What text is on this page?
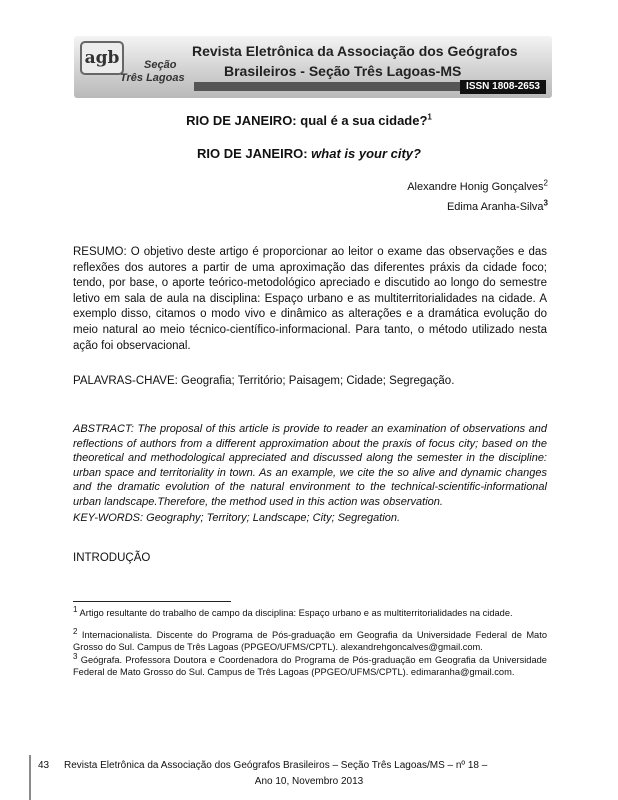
agb	Seção
Três Lagoas
Revista Eletrônica da Associação dos Geógrafos
Brasileiros - Seção Três Lagoas-MS
ISSN 1808-2653
RIO DE JANEIRO: qual é a sua cidade?$^1$
RIO DE JANEIRO: what is your city?
Alexandre Honig Gonçalves$^2$
Edima Aranha-Silva$^3$
RESUMO: O objetivo deste artigo é proporcionar ao leitor o exame das observações e das reflexões dos autores a partir de uma aproximação das diferentes práxis da cidade foco; tendo, por base, o aporte teórico-metodológico apreciado e discutido ao longo do semestre letivo em sala de aula na disciplina: Espaço urbano e as multiterritorialidades na cidade. A exemplo disso, citamos o modo vivo e dinâmico as alterações e a dramática evolução do meio natural ao meio técnico-científico-informacional. Para tanto, o método utilizado nesta ação foi observacional.
PALAVRAS-CHAVE: Geografia; Território; Paisagem; Cidade; Segregação.
ABSTRACT: The proposal of this article is provide to reader an examination of observations and reflections of authors from a different approximation about the praxis of focus city; based on the theoretical and methodological appreciated and discussed along the semester in the discipline: urban space and territoriality in town. As an example, we cite the so alive and dynamic changes and the dramatic evolution of the natural environment to the technical-scientific-informational urban landscape.Therefore, the method used in this action was observation.
KEY-WORDS: Geography; Territory; Landscape; City; Segregation.
INTRODUÇÃO
$^1$ Artigo resultante do trabalho de campo da disciplina: Espaço urbano e as multiterritorialidades na cidade.
$^2$ Internacionalista. Discente do Programa de Pós-graduação em Geografia da Universidade Federal de Mato Grosso do Sul. Campus de Três Lagoas (PPGEO/UFMS/CPTL). alexandrehgoncalves@gmail.com.
$^3$ Geógrafa. Professora Doutora e Coordenadora do Programa de Pós-graduação em Geografia da Universidade Federal de Mato Grosso do Sul. Campus de Três Lagoas (PPGEO/UFMS/CPTL). edimaranha@gmail.com.
43 Revista Eletrônica da Associação dos Geógrafos Brasileiros – Seção Três Lagoas/MS – nº 18 –
Ano 10, Novembro 2013
